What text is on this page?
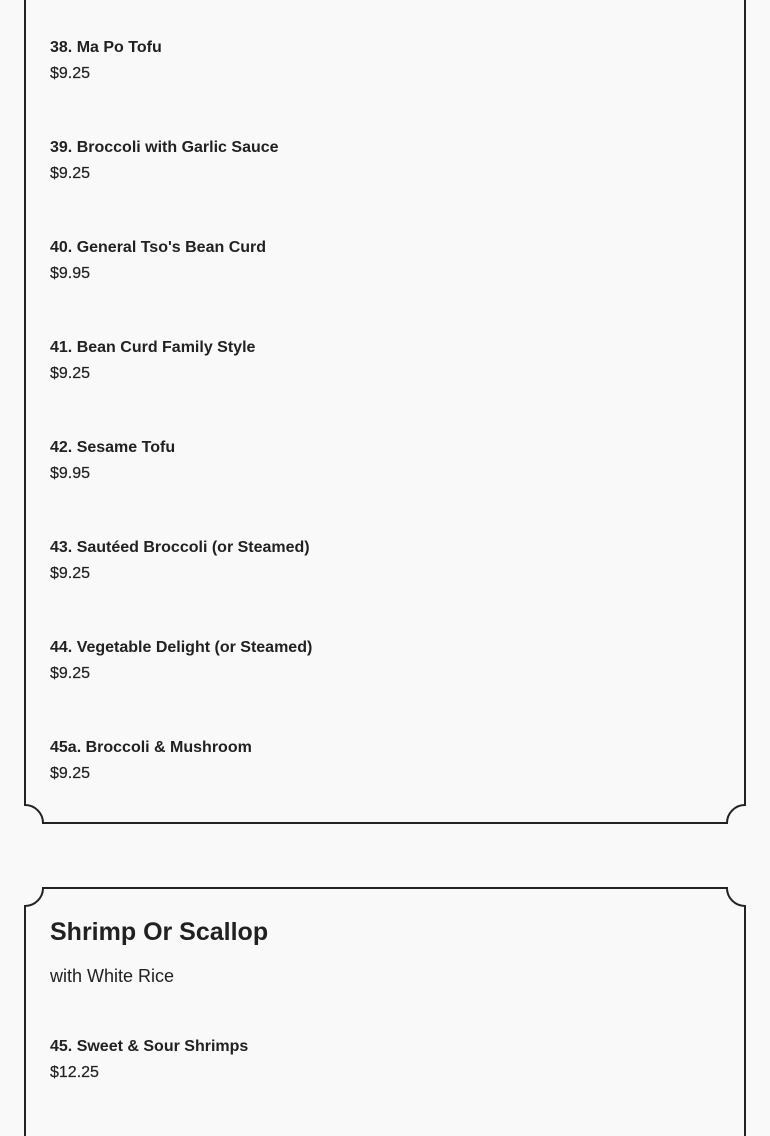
38. Ma Po Tofu
$9.25
39. Broccoli with Garlic Sauce
$9.25
40. General Tso's Bean Curd
$9.95
41. Bean Curd Family Style
$9.25
42. Sesame Tofu
$9.95
43. Sautéed Broccoli (or Steamed)
$9.25
44. Vegetable Delight (or Steamed)
$9.25
45a. Broccoli & Mushroom
$9.25
Shrimp Or Scallop

with White Rice

45. Sweet & Sour Shrimps
$12.25
